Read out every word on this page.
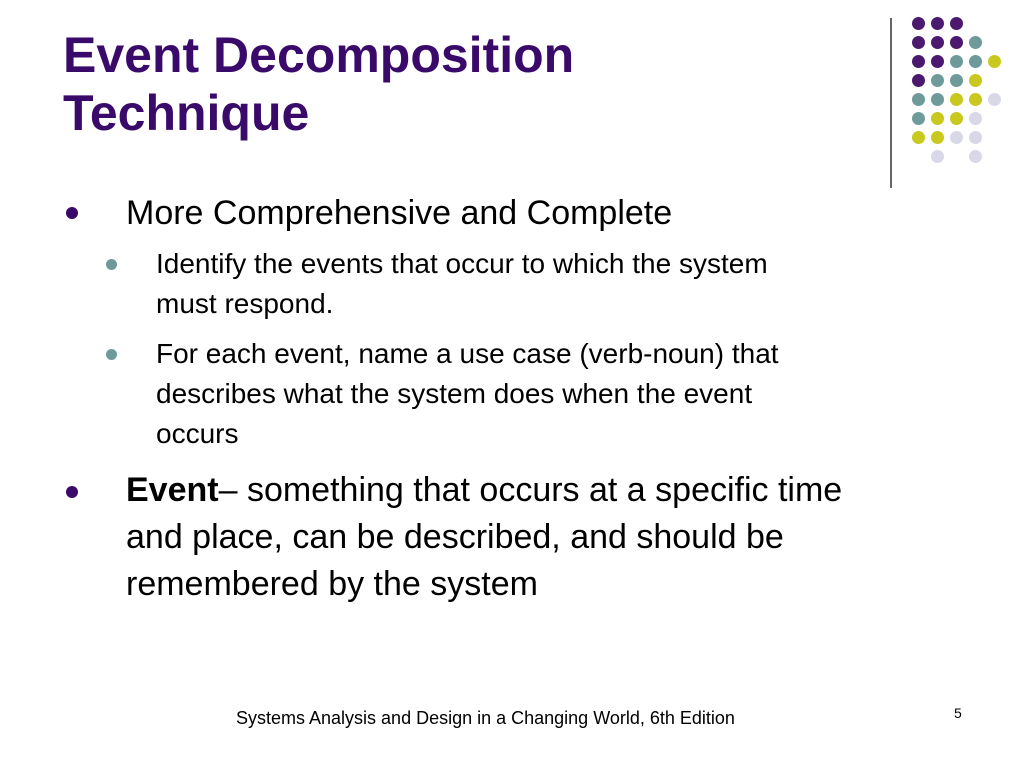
Event Decomposition
Technique
More Comprehensive and Complete
Identify the events that occur to which the system
must respond.
For each event, name a use case (verb-noun) that
describes what the system does when the event
occurs
Event– something that occurs at a specific time
and place, can be described, and should be
remembered by the system
Systems Analysis and Design in a Changing World, 6th Edition	5
